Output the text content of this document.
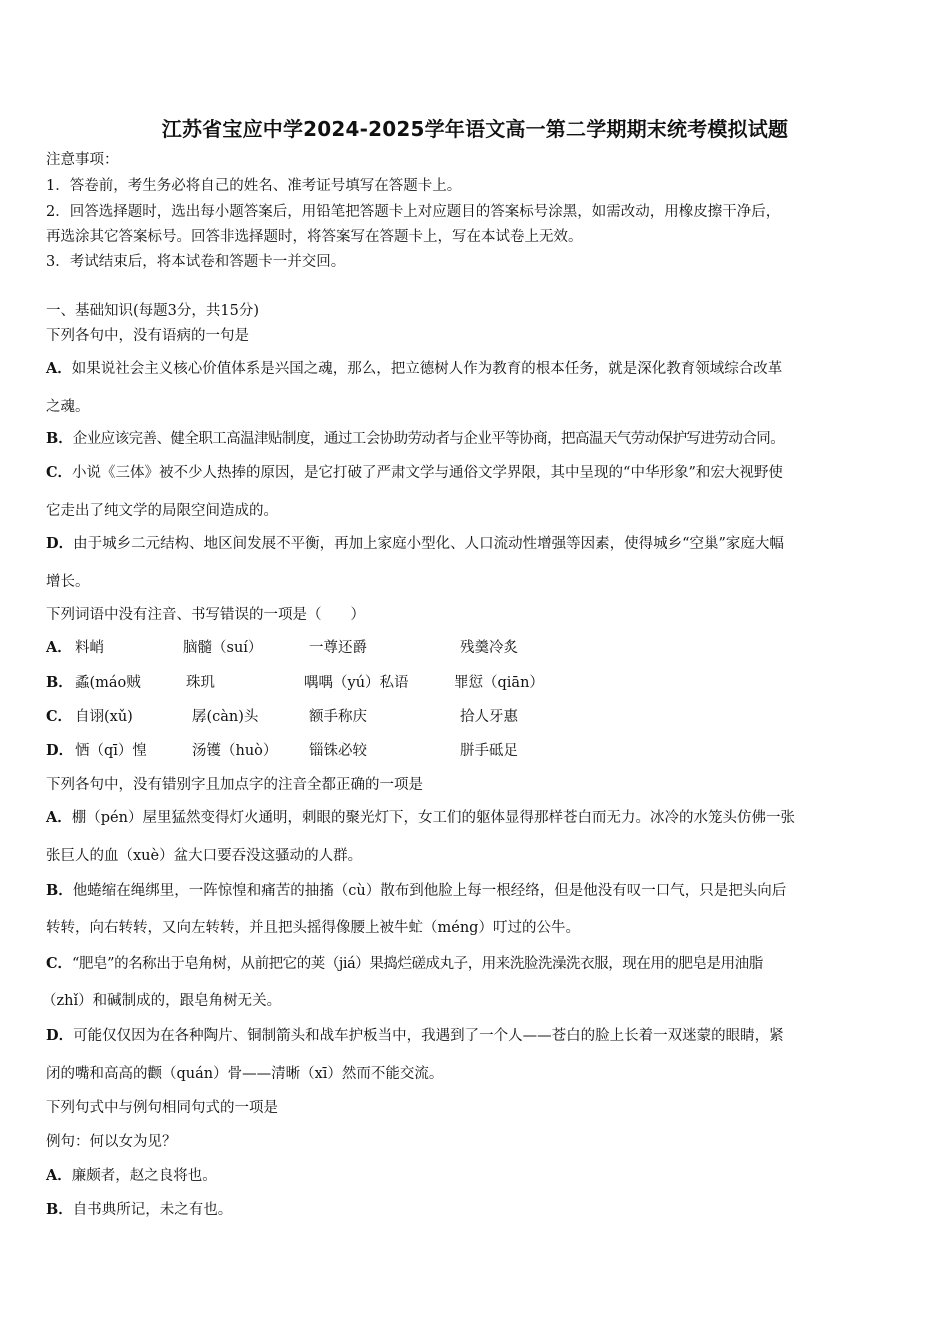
江苏省宝应中学2024-2025学年语文高一第二学期期末统考模拟试题
注意事项：
1．答卷前，考生务必将自己的姓名、准考证号填写在答题卡上。
2．回答选择题时，选出每小题答案后，用铅笔把答题卡上对应题目的答案标号涂黑，如需改动，用橡皮擦干净后，
再选涂其它答案标号。回答非选择题时，将答案写在答题卡上，写在本试卷上无效。
3．考试结束后，将本试卷和答题卡一并交回。
一、基础知识(每题3分，共15分)
下列各句中，没有语病的一句是
A．如果说社会主义核心价值体系是兴国之魂，那么，把立德树人作为教育的根本任务，就是深化教育领域综合改革
之魂。
B．企业应该完善、健全职工高温津贴制度，通过工会协助劳动者与企业平等协商，把高温天气劳动保护写进劳动合同。
C．小说《三体》被不少人热捧的原因，是它打破了严肃文学与通俗文学界限，其中呈现的“中华形象”和宏大视野使
它走出了纯文学的局限空间造成的。
D．由于城乡二元结构、地区间发展不平衡，再加上家庭小型化、人口流动性增强等因素，使得城乡“空巢”家庭大幅
增长。
下列词语中没有注音、书写错误的一项是（　　）
A． 料峭	脑髓（suí）	一尊还爵	残羹冷炙
B． 蟊(máo贼	珠玑	喁喁（yú）私语	罪愆（qiān）
C． 自诩(xǔ)	孱(càn)头	额手称庆	拾人牙惠
D． 恓（qī）惶	汤镬（huò） 锱铢必较	胼手砥足
下列各句中，没有错别字且加点字的注音全都正确的一项是
A．棚（pén）屋里猛然变得灯火通明，刺眼的聚光灯下，女工们的躯体显得那样苍白而无力。冰冷的水笼头仿佛一张
张巨人的血（xuè）盆大口要吞没这骚动的人群。
B．他蜷缩在绳绑里，一阵惊惶和痛苦的抽搐（cù）散布到他脸上每一根经络，但是他没有叹一口气，只是把头向后
转转，向右转转，又向左转转，并且把头摇得像腰上被牛虻（méng）叮过的公牛。
C．“肥皂”的名称出于皂角树，从前把它的荚（jiá）果捣烂磋成丸子，用来洗脸洗澡洗衣服，现在用的肥皂是用油脂
（zhǐ）和碱制成的，跟皂角树无关。
D．可能仅仅因为在各种陶片、铜制箭头和战车护板当中，我遇到了一个人——苍白的脸上长着一双迷蒙的眼睛，紧
闭的嘴和高高的颧（quán）骨——清晰（xī）然而不能交流。
下列句式中与例句相同句式的一项是
例句：何以女为见？
A．廉颇者，赵之良将也。
B．自书典所记，未之有也。
